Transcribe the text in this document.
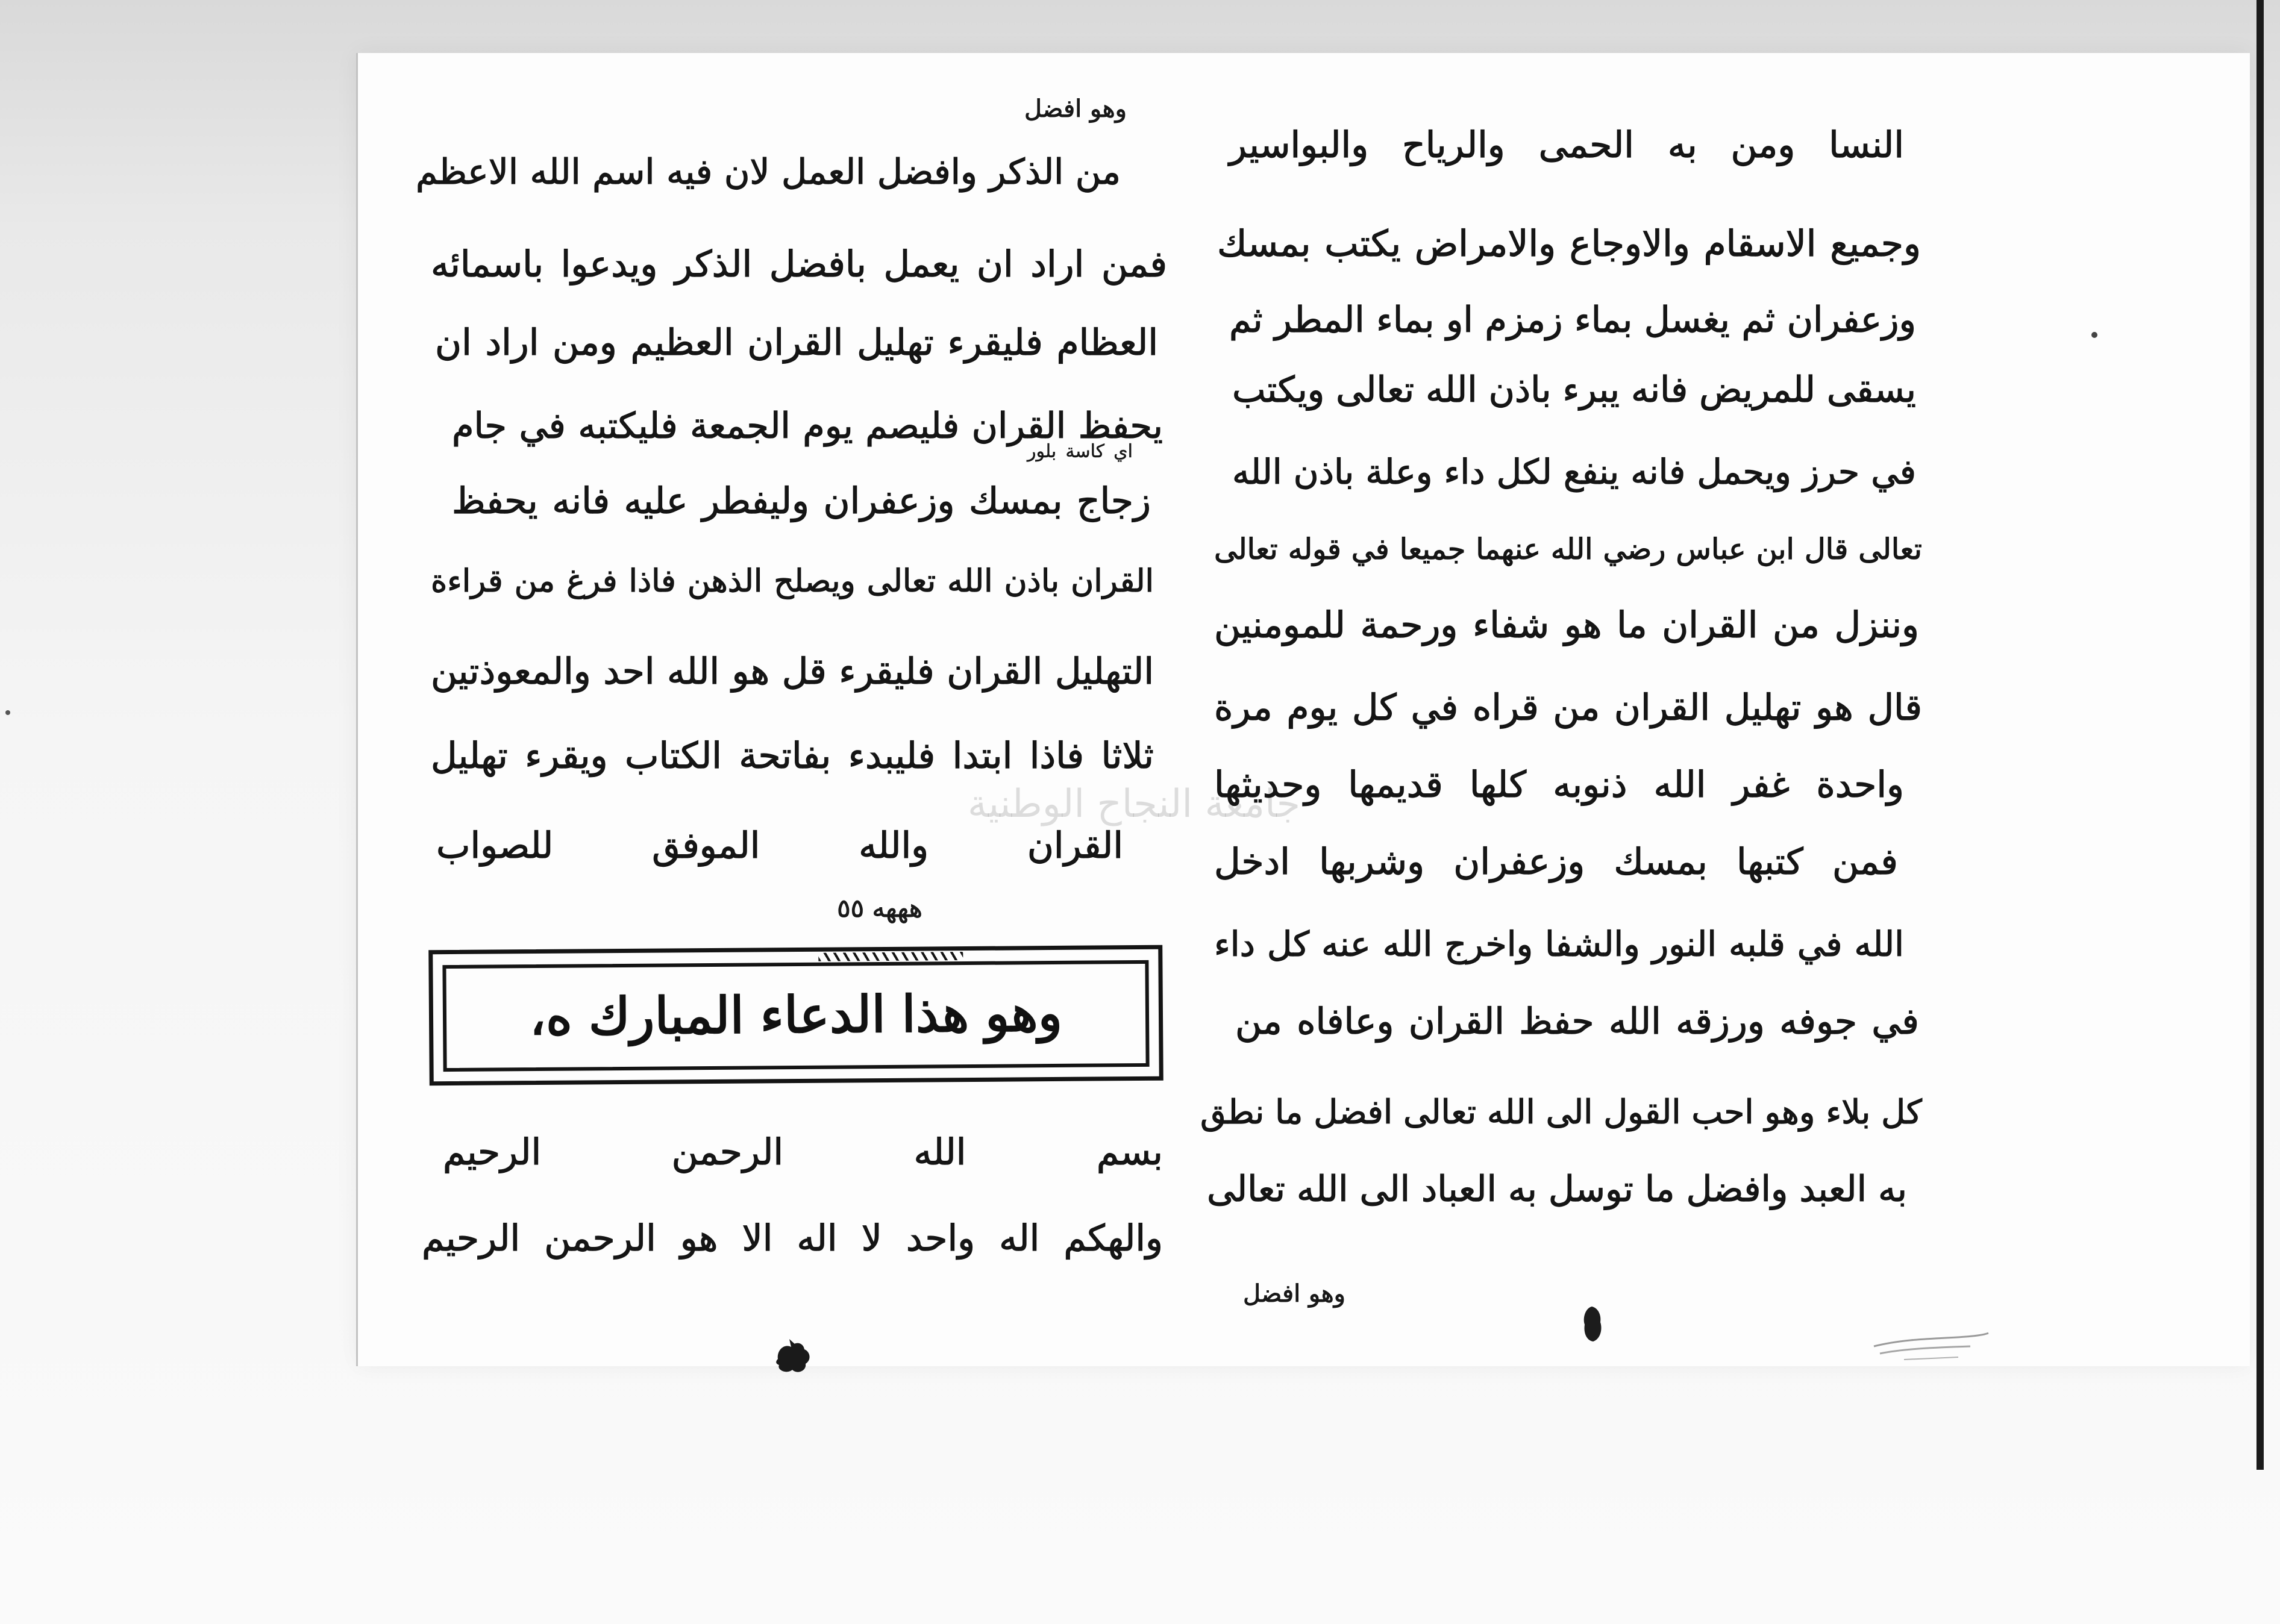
جامعة النجاح الوطنية
النسا ومن به الحمى والرياح والبواسير
وجميع الاسقام والاوجاع والامراض يكتب بمسك
وزعفران ثم يغسل بماء زمزم او بماء المطر ثم
يسقى للمريض فانه يبرء باذن الله تعالى ويكتب
في حرز ويحمل فانه ينفع لكل داء وعلة باذن الله
تعالى قال ابن عباس رضي الله عنهما جميعا في قوله تعالى
وننزل من القران ما هو شفاء ورحمة للمومنين
قال هو تهليل القران من قراه في كل يوم مرة
واحدة غفر الله ذنوبه كلها قديمها وحديثها
فمن كتبها بمسك وزعفران وشربها ادخل
الله في قلبه النور والشفا واخرج الله عنه كل داء
في جوفه ورزقه الله حفظ القران وعافاه من
كل بلاء وهو احب القول الى الله تعالى افضل ما نطق
به العبد وافضل ما توسل به العباد الى الله تعالى
وهو افضل
وهو افضل
من الذكر وافضل العمل لان فيه اسم الله الاعظم
فمن اراد ان يعمل بافضل الذكر ويدعوا باسمائه
العظام فليقرء تهليل القران العظيم ومن اراد ان
يحفظ القران فليصم يوم الجمعة فليكتبه في جام
اي كاسة بلور
زجاج بمسك وزعفران وليفطر عليه فانه يحفظ
القران باذن الله تعالى ويصلح الذهن فاذا فرغ من قراءة
التهليل القران فليقرء قل هو الله احد والمعوذتين
ثلاثا فاذا ابتدا فليبدء بفاتحة الكتاب ويقرء تهليل
القران والله الموفق للصواب
هههه ٥٥
وهو هذا الدعاء المبارك ه،
بسم الله الرحمن الرحيم
والهكم اله واحد لا اله الا هو الرحمن الرحيم
